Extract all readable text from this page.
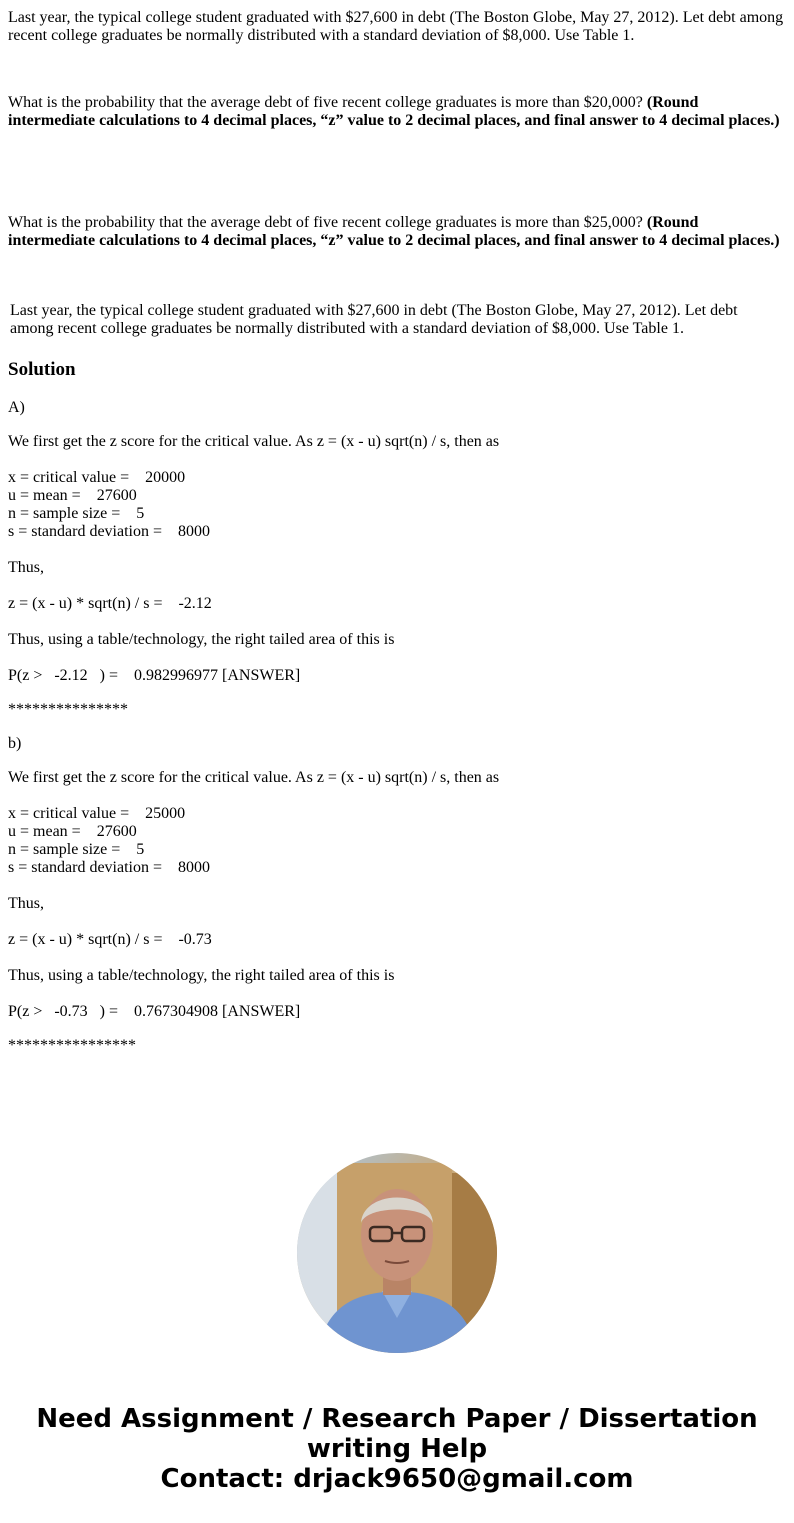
Last year, the typical college student graduated with $27,600 in debt (The Boston Globe, May 27, 2012). Let debt among recent college graduates be normally distributed with a standard deviation of $8,000. Use Table 1.
What is the probability that the average debt of five recent college graduates is more than $20,000? (Round intermediate calculations to 4 decimal places, “z” value to 2 decimal places, and final answer to 4 decimal places.)
What is the probability that the average debt of five recent college graduates is more than $25,000? (Round intermediate calculations to 4 decimal places, “z” value to 2 decimal places, and final answer to 4 decimal places.)
Last year, the typical college student graduated with $27,600 in debt (The Boston Globe, May 27, 2012). Let debt among recent college graduates be normally distributed with a standard deviation of $8,000. Use Table 1.
Solution
A)
We first get the z score for the critical value. As z = (x - u) sqrt(n) / s, then as
x = critical value =    20000
u = mean =    27600
n = sample size =    5
s = standard deviation =    8000
Thus,
z = (x - u) * sqrt(n) / s =    -2.12
Thus, using a table/technology, the right tailed area of this is
P(z >   -2.12   ) =    0.982996977 [ANSWER]
***************
b)
We first get the z score for the critical value. As z = (x - u) sqrt(n) / s, then as
x = critical value =    25000
u = mean =    27600
n = sample size =    5
s = standard deviation =    8000
Thus,
z = (x - u) * sqrt(n) / s =    -0.73
Thus, using a table/technology, the right tailed area of this is
P(z >   -0.73   ) =    0.767304908 [ANSWER]
****************
Need Assignment / Research Paper / Dissertation
writing Help
Contact: drjack9650@gmail.com
